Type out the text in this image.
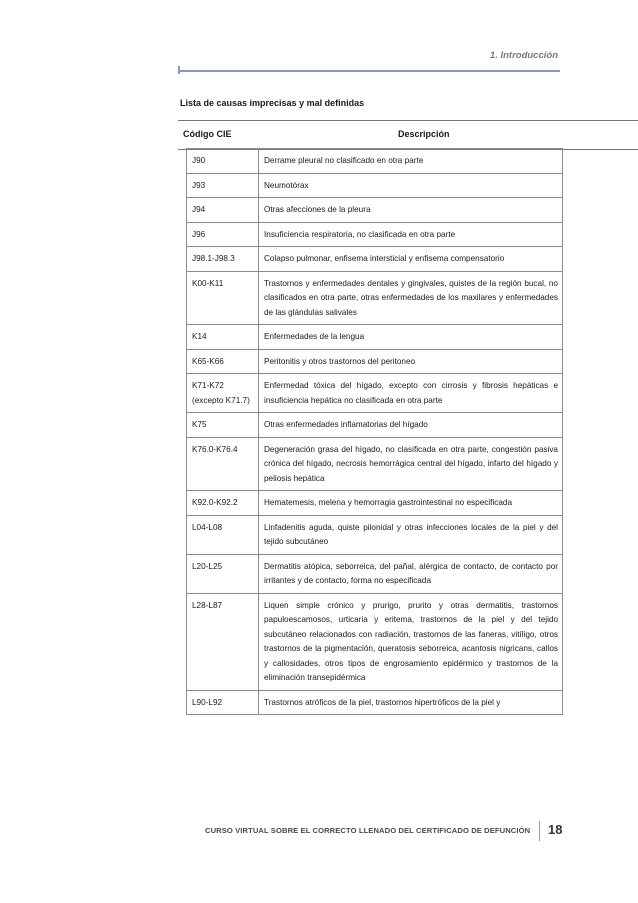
1. Introducción
Lista de causas imprecisas y mal definidas
Código CIE	Descripción
J90	Derrame pleural no clasificado en otra parte
J93	Neumotórax
J94	Otras afecciones de la pleura
J96	Insuficiencia respiratoria, no clasificada en otra parte
J98.1-J98.3	Colapso pulmonar, enfisema intersticial y enfisema compensatorio
K00-K11	Trastornos y enfermedades dentales y gingivales, quistes de la región bucal, no clasificados en otra parte, otras enfermedades de los maxilares y enfermedades de las glándulas salivales
K14	Enfermedades de la lengua
K65-K66	Peritonitis y otros trastornos del peritoneo
K71-K72 (excepto K71.7)	Enfermedad tóxica del hígado, excepto con cirrosis y fibrosis hepáticas e insuficiencia hepática no clasificada en otra parte
K75	Otras enfermedades inflamatorias del hígado
K76.0-K76.4	Degeneración grasa del hígado, no clasificada en otra parte, congestión pasiva crónica del hígado, necrosis hemorrágica central del hígado, infarto del hígado y peliosis hepática
K92.0-K92.2	Hematemesis, melena y hemorragia gastrointestinal no especificada
L04-L08	Linfadenitis aguda, quiste pilonidal y otras infecciones locales de la piel y del tejido subcutáneo
L20-L25	Dermatitis atópica, seborreica, del pañal, alérgica de contacto, de contacto por irritantes y de contacto, forma no especificada
L28-L87	Liquen simple crónico y prurigo, prurito y otras dermatitis, trastornos papuloescamosos, urticaria y eritema, trastornos de la piel y del tejido subcutáneo relacionados con radiación, trastornos de las faneras, vitíligo, otros trastornos de la pigmentación, queratosis seborreica, acantosis nigricans, callos y callosidades, otros tipos de engrosamiento epidérmico y trastornos de la eliminación transepidérmica
L90-L92	Trastornos atróficos de la piel, trastornos hipertróficos de la piel y
CURSO VIRTUAL SOBRE EL CORRECTO LLENADO DEL CERTIFICADO DE DEFUNCIÓN 18
